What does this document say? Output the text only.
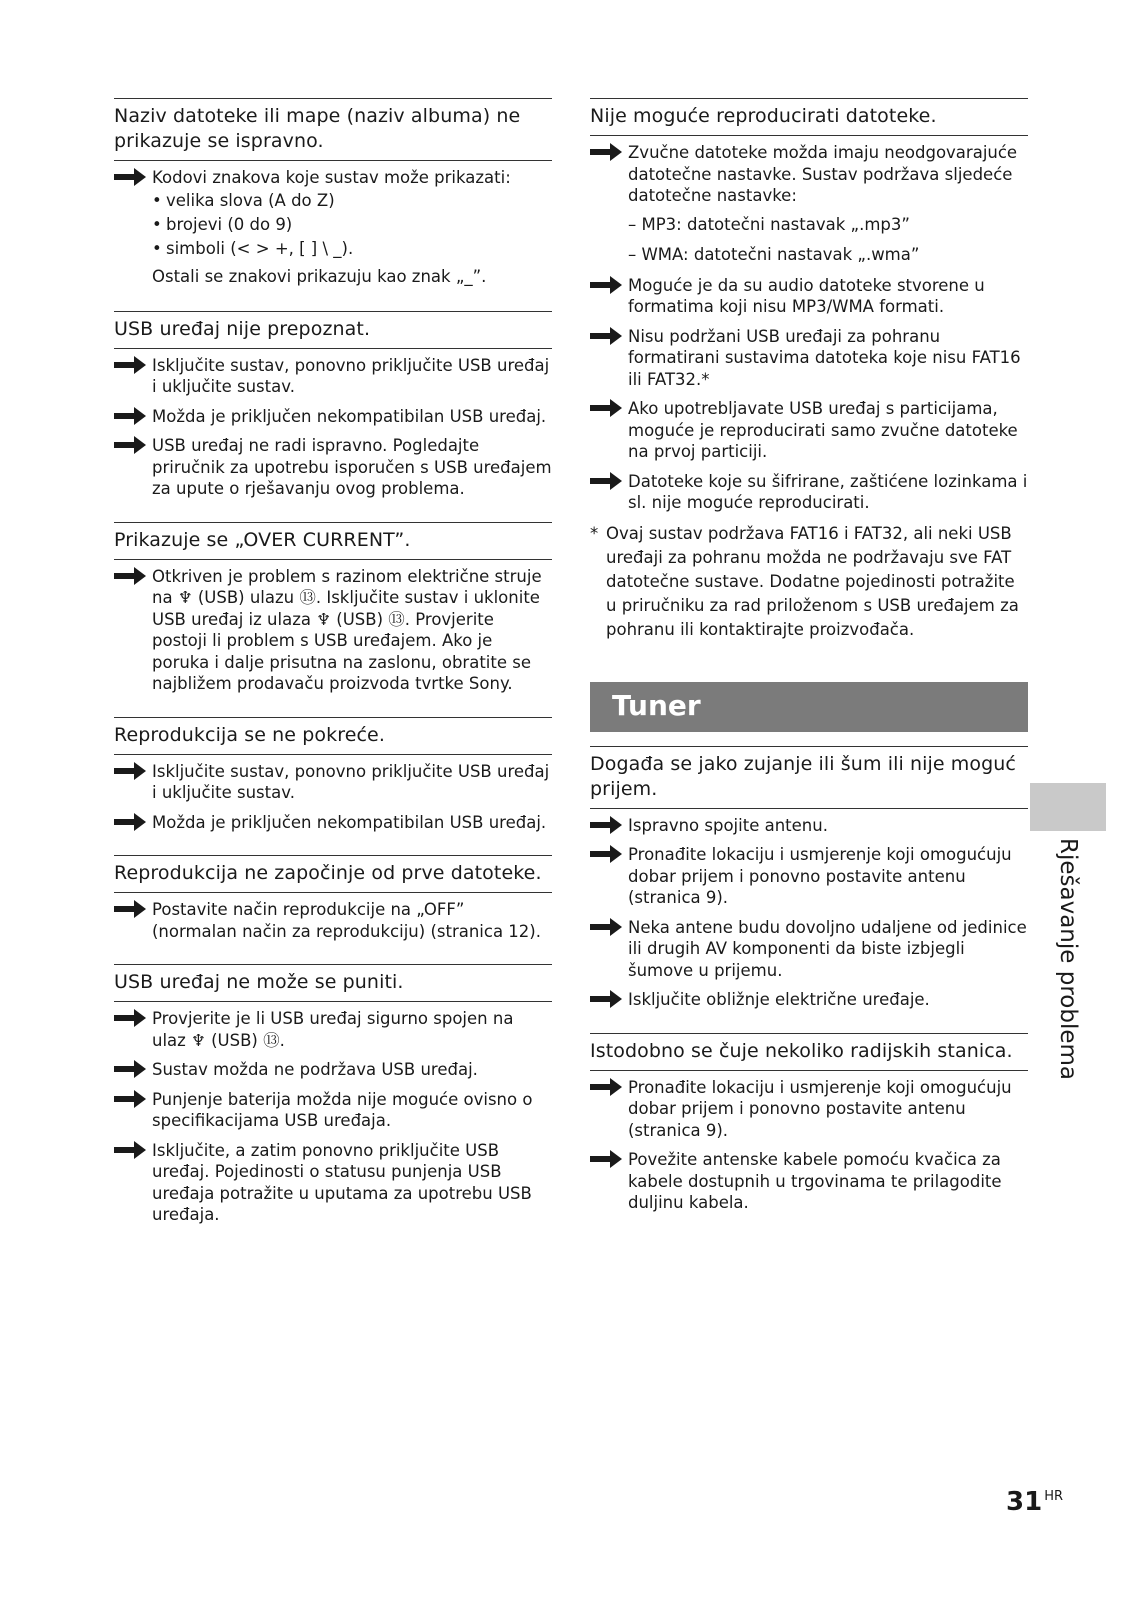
Naziv datoteke ili mape (naziv albuma) ne prikazuje se ispravno.
Kodovi znakova koje sustav može prikazati:
• velika slova (A do Z)
• brojevi (0 do 9)
• simboli (< > +, [ ] \ _).
Ostali se znakovi prikazuju kao znak „_”.
USB uređaj nije prepoznat.
Isključite sustav, ponovno priključite USB uređaj i uključite sustav.
Možda je priključen nekompatibilan USB uređaj.
USB uređaj ne radi ispravno. Pogledajte priručnik za upotrebu isporučen s USB uređajem za upute o rješavanju ovog problema.
Prikazuje se „OVER CURRENT”.
Otkriven je problem s razinom električne struje na ♆ (USB) ulazu ⑬. Isključite sustav i uklonite USB uređaj iz ulaza ♆ (USB) ⑬. Provjerite postoji li problem s USB uređajem. Ako je poruka i dalje prisutna na zaslonu, obratite se najbližem prodavaču proizvoda tvrtke Sony.
Reprodukcija se ne pokreće.
Isključite sustav, ponovno priključite USB uređaj i uključite sustav.
Možda je priključen nekompatibilan USB uređaj.
Reprodukcija ne započinje od prve datoteke.
Postavite način reprodukcije na „OFF” (normalan način za reprodukciju) (stranica 12).
USB uređaj ne može se puniti.
Provjerite je li USB uređaj sigurno spojen na ulaz ♆ (USB) ⑬.
Sustav možda ne podržava USB uređaj.
Punjenje baterija možda nije moguće ovisno o specifikacijama USB uređaja.
Isključite, a zatim ponovno priključite USB uređaj. Pojedinosti o statusu punjenja USB uređaja potražite u uputama za upotrebu USB uređaja.
Nije moguće reproducirati datoteke.
Zvučne datoteke možda imaju neodgovarajuće datotečne nastavke. Sustav podržava sljedeće datotečne nastavke:
– MP3: datotečni nastavak „.mp3”
– WMA: datotečni nastavak „.wma”
Moguće je da su audio datoteke stvorene u formatima koji nisu MP3/WMA formati.
Nisu podržani USB uređaji za pohranu formatirani sustavima datoteka koje nisu FAT16 ili FAT32.*
Ako upotrebljavate USB uređaj s particijama, moguće je reproducirati samo zvučne datoteke na prvoj particiji.
Datoteke koje su šifrirane, zaštićene lozinkama i sl. nije moguće reproducirati.
* Ovaj sustav podržava FAT16 i FAT32, ali neki USB uređaji za pohranu možda ne podržavaju sve FAT datotečne sustave. Dodatne pojedinosti potražite u priručniku za rad priloženom s USB uređajem za pohranu ili kontaktirajte proizvođača.
Tuner
Događa se jako zujanje ili šum ili nije moguć prijem.
Ispravno spojite antenu.
Pronađite lokaciju i usmjerenje koji omogućuju dobar prijem i ponovno postavite antenu (stranica 9).
Neka antene budu dovoljno udaljene od jedinice ili drugih AV komponenti da biste izbjegli šumove u prijemu.
Isključite obližnje električne uređaje.
Istodobno se čuje nekoliko radijskih stanica.
Pronađite lokaciju i usmjerenje koji omogućuju dobar prijem i ponovno postavite antenu (stranica 9).
Povežite antenske kabele pomoću kvačica za kabele dostupnih u trgovinama te prilagodite duljinu kabela.
Rješavanje problema
31 $^{HR}$
